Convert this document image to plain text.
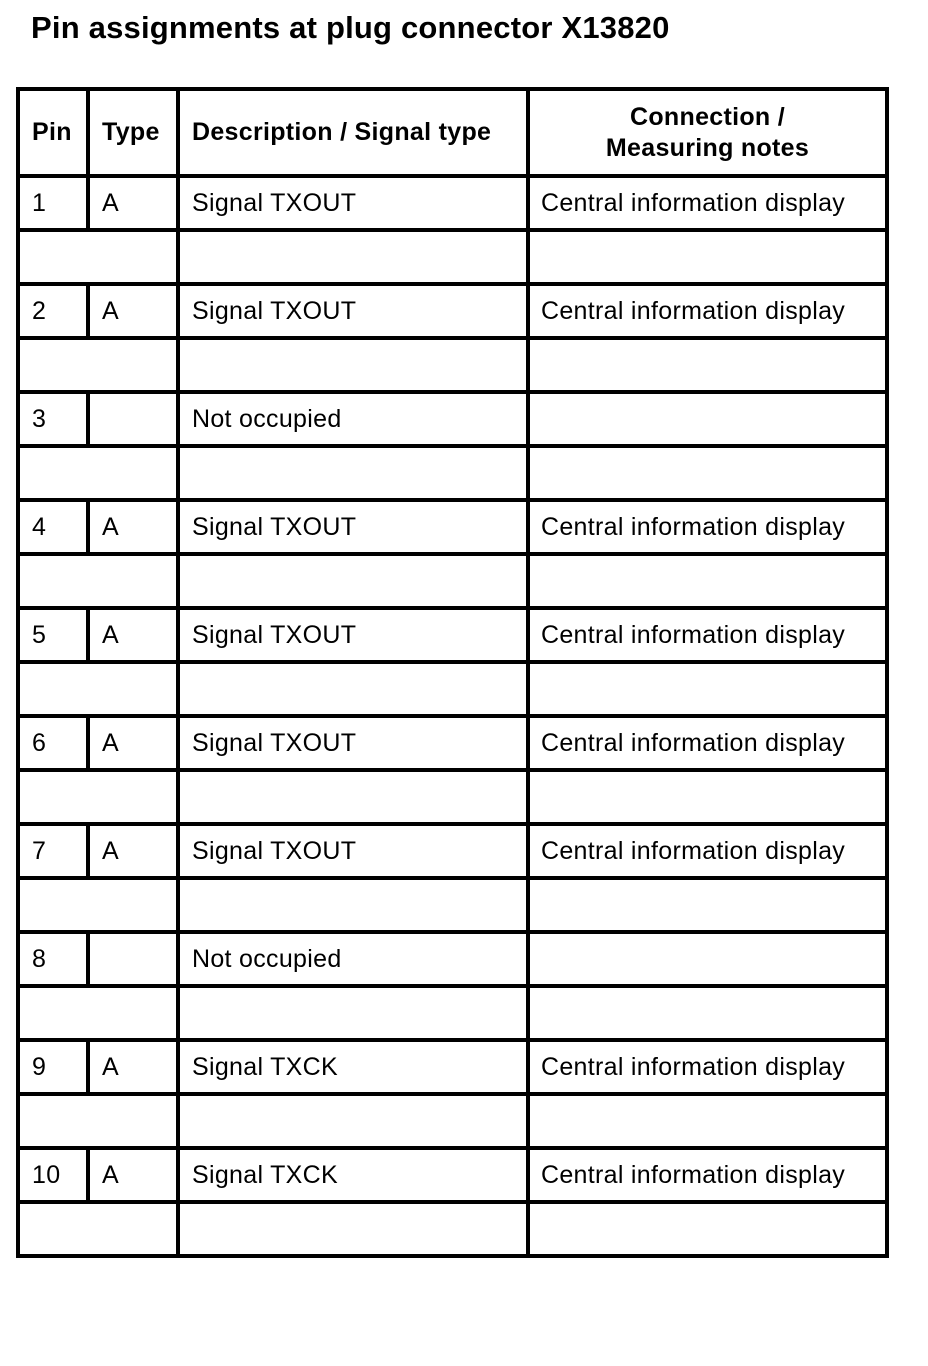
Pin assignments at plug connector X13820
Pin	Type	Description / Signal type	Connection /
Measuring notes
1	A	Signal TXOUT	Central information display

2	A	Signal TXOUT	Central information display

3		Not occupied	

4	A	Signal TXOUT	Central information display

5	A	Signal TXOUT	Central information display

6	A	Signal TXOUT	Central information display

7	A	Signal TXOUT	Central information display

8		Not occupied	

9	A	Signal TXCK	Central information display

10	A	Signal TXCK	Central information display
